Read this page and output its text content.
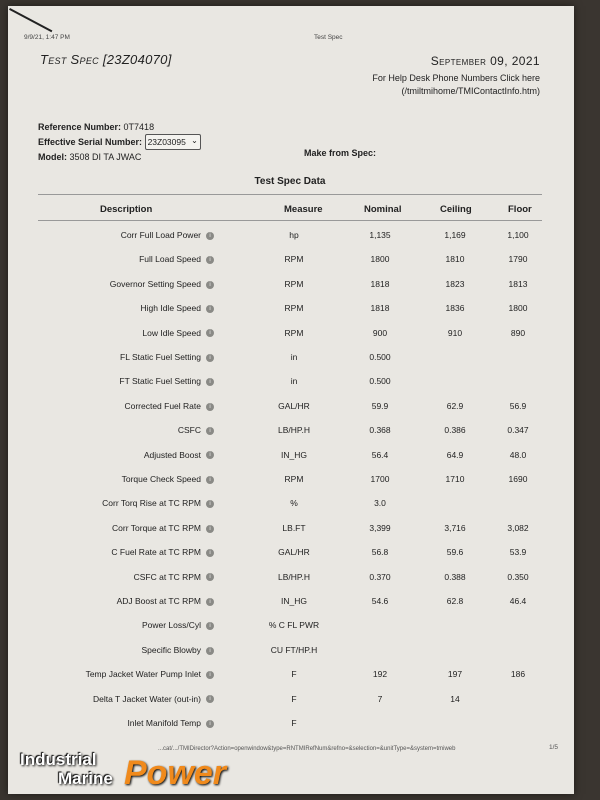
9/9/21, 1:47 PM	Test Spec
Test Spec [23Z04070]	September 09, 2021
For Help Desk Phone Numbers Click here
(/tmiltmihome/TMIContactInfo.htm)
Reference Number: 0T7418
Effective Serial Number: 23Z03095 ⌄
Model: 3508 DI TA JWAC	Make from Spec:
Test Spec Data
Description	Measure	Nominal	Ceiling	Floor
Corr Full Load Power i	hp	1,135	1,169	1,100
Full Load Speed i	RPM	1800	1810	1790
Governor Setting Speed i	RPM	1818	1823	1813
High Idle Speed i	RPM	1818	1836	1800
Low Idle Speed i	RPM	900	910	890
FL Static Fuel Setting i	in	0.500
FT Static Fuel Setting i	in	0.500
Corrected Fuel Rate i	GAL/HR	59.9	62.9	56.9
CSFC i	LB/HP.H	0.368	0.386	0.347
Adjusted Boost i	IN_HG	56.4	64.9	48.0
Torque Check Speed i	RPM	1700	1710	1690
Corr Torq Rise at TC RPM i	%	3.0
Corr Torque at TC RPM i	LB.FT	3,399	3,716	3,082
C Fuel Rate at TC RPM i	GAL/HR	56.8	59.6	53.9
CSFC at TC RPM i	LB/HP.H	0.370	0.388	0.350
ADJ Boost at TC RPM i	IN_HG	54.6	62.8	46.4
Power Loss/Cyl i	% C FL PWR
Specific Blowby i	CU FT/HP.H
Temp Jacket Water Pump Inlet i	F	192	197	186
Delta T Jacket Water (out-in) i	F	7	14
Inlet Manifold Temp i	F
...cat/.../TMIDirector?Action=openwindow&type=RNTMIRefNum&refno=&selection=&unitType=&system=tmiweb	1/5
Industrial
Marine Power
